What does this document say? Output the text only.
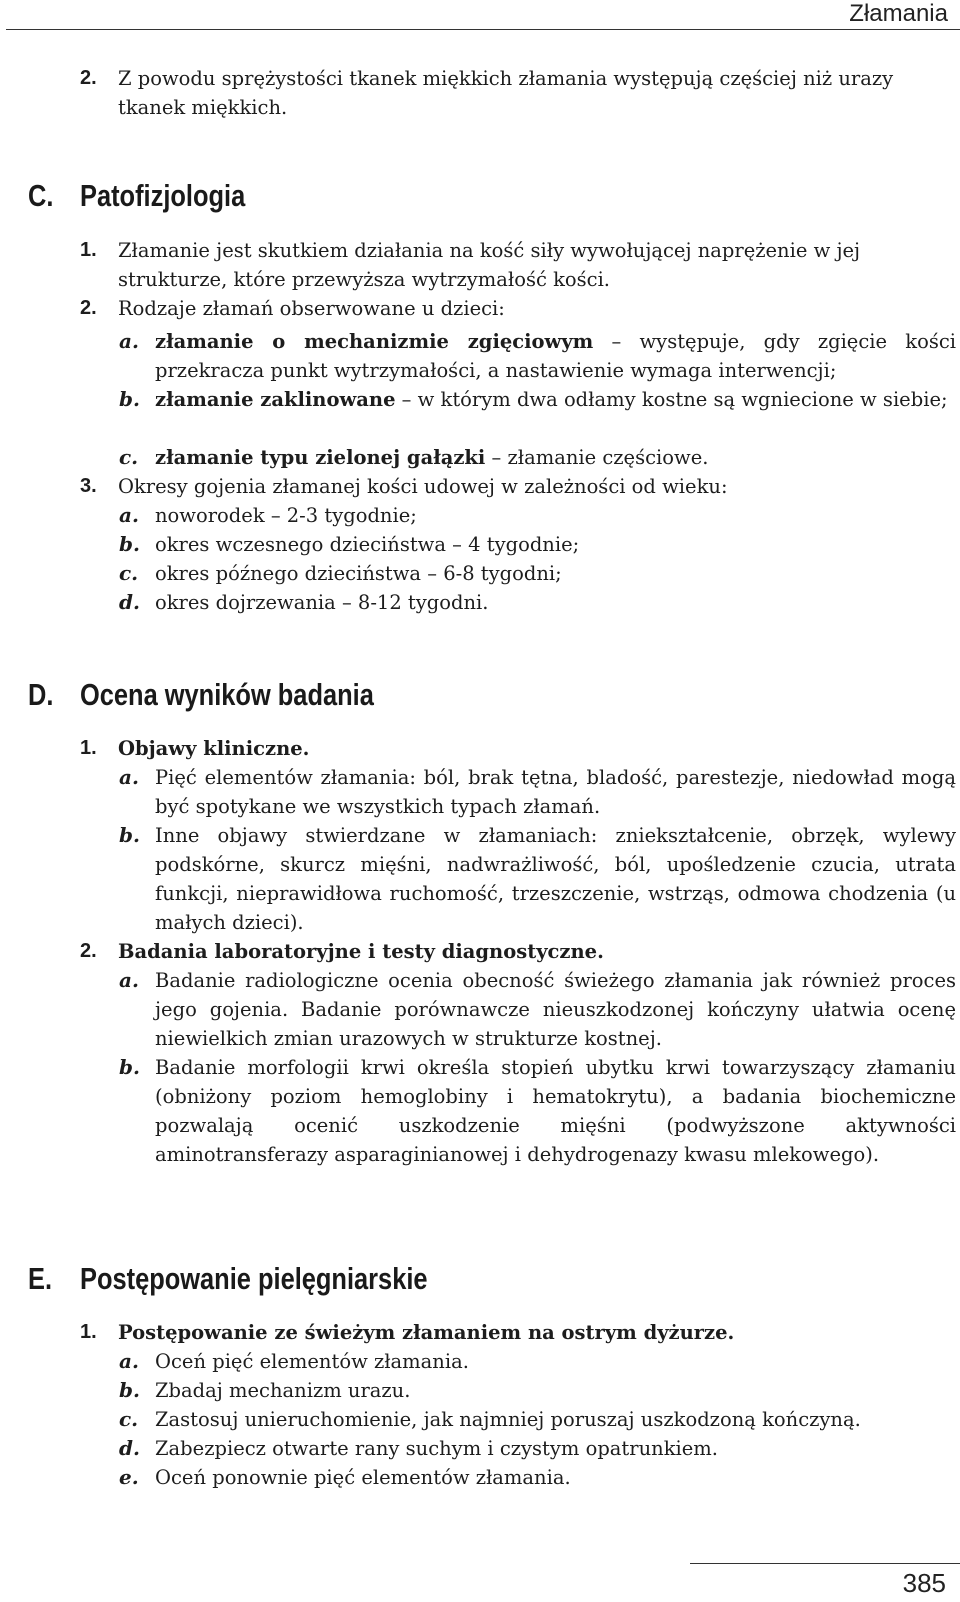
Złamania
2. Z powodu sprężystości tkanek miękkich złamania występują częściej niż urazy tkanek miękkich.
C. Patofizjologia
1. Złamanie jest skutkiem działania na kość siły wywołującej naprężenie w jej strukturze, które przewyższa wytrzymałość kości.
2. Rodzaje złamań obserwowane u dzieci:
a. złamanie o mechanizmie zgięciowym – występuje, gdy zgięcie kości przekracza punkt wytrzymałości, a nastawienie wymaga interwencji;
b. złamanie zaklinowane – w którym dwa odłamy kostne są wgniecione w siebie;
c. złamanie typu zielonej gałązki – złamanie częściowe.
3. Okresy gojenia złamanej kości udowej w zależności od wieku:
a. noworodek – 2-3 tygodnie;
b. okres wczesnego dzieciństwa – 4 tygodnie;
c. okres późnego dzieciństwa – 6-8 tygodni;
d. okres dojrzewania – 8-12 tygodni.
D. Ocena wyników badania
1. Objawy kliniczne.
a. Pięć elementów złamania: ból, brak tętna, bladość, parestezje, niedowład mogą być spotykane we wszystkich typach złamań.
b. Inne objawy stwierdzane w złamaniach: zniekształcenie, obrzęk, wylewy podskórne, skurcz mięśni, nadwrażliwość, ból, upośledzenie czucia, utrata funkcji, nieprawidłowa ruchomość, trzeszczenie, wstrząs, odmowa chodzenia (u małych dzieci).
2. Badania laboratoryjne i testy diagnostyczne.
a. Badanie radiologiczne ocenia obecność świeżego złamania jak również proces jego gojenia. Badanie porównawcze nieuszkodzonej kończyny ułatwia ocenę niewielkich zmian urazowych w strukturze kostnej.
b. Badanie morfologii krwi określa stopień ubytku krwi towarzyszący złamaniu (obniżony poziom hemoglobiny i hematokrytu), a badania biochemiczne pozwalają ocenić uszkodzenie mięśni (podwyższone aktywności aminotransferazy asparaginianowej i dehydrogenazy kwasu mlekowego).
E. Postępowanie pielęgniarskie
1. Postępowanie ze świeżym złamaniem na ostrym dyżurze.
a. Oceń pięć elementów złamania.
b. Zbadaj mechanizm urazu.
c. Zastosuj unieruchomienie, jak najmniej poruszaj uszkodzoną kończyną.
d. Zabezpiecz otwarte rany suchym i czystym opatrunkiem.
e. Oceń ponownie pięć elementów złamania.
385
